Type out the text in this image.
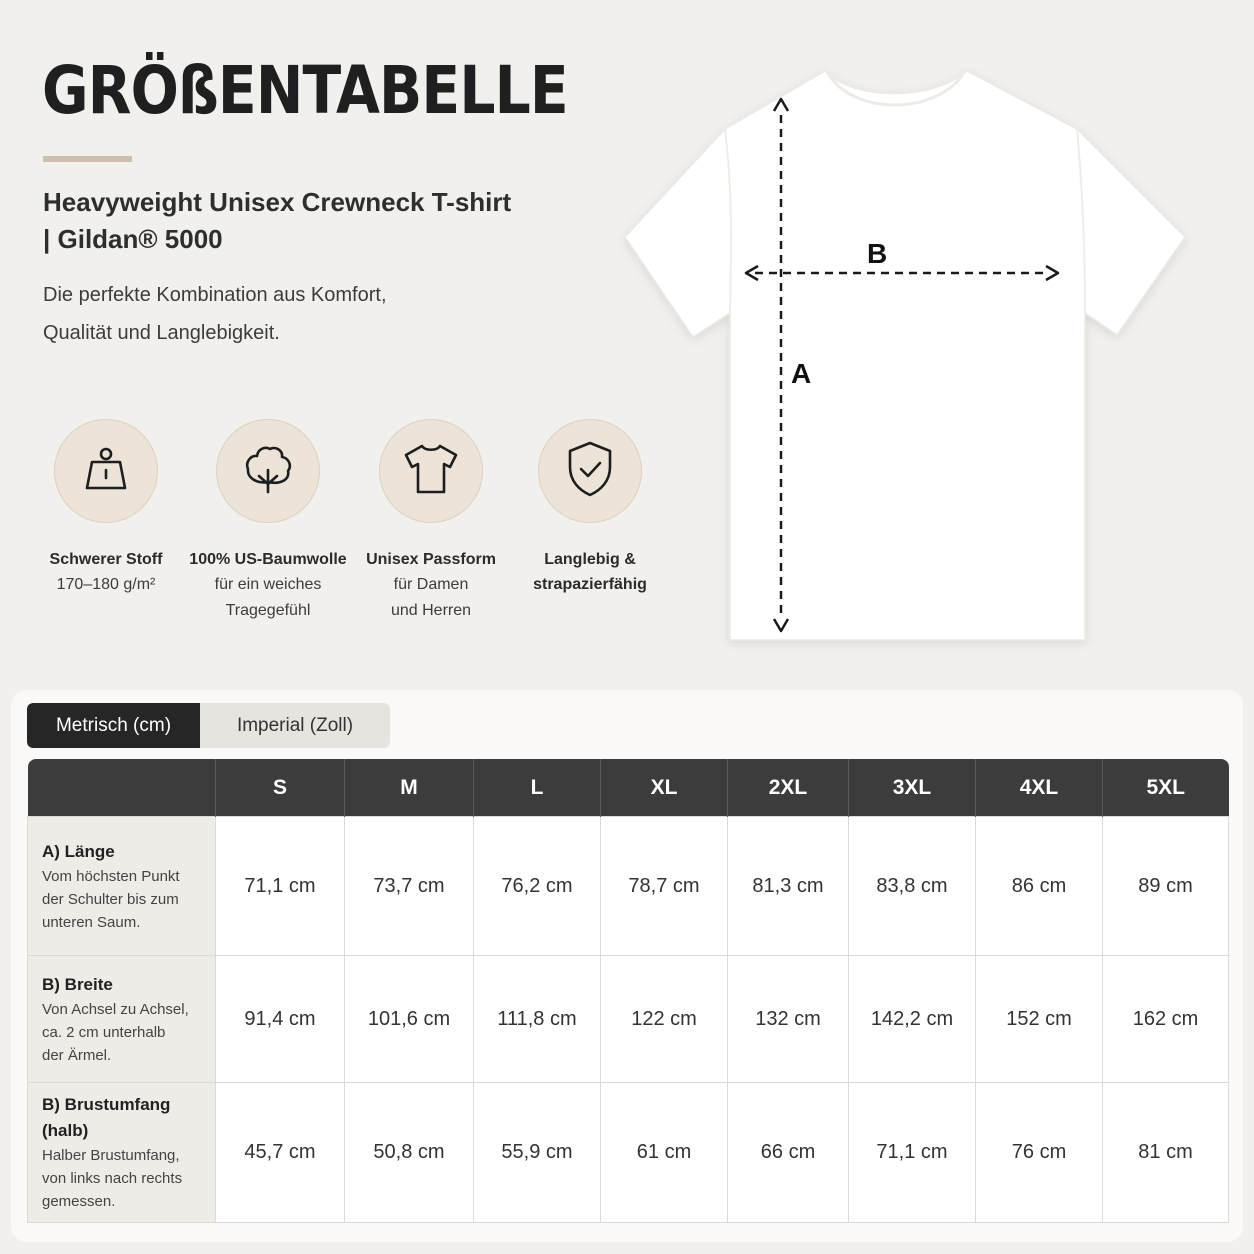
GRÖßENTABELLE
Heavyweight Unisex Crewneck T-shirt
| Gildan® 5000
Die perfekte Kombination aus Komfort,
Qualität und Langlebigkeit.
Schwerer Stoff
170–180 g/m²
100% US-Baumwolle
für ein weiches
Tragegefühl
Unisex Passform
für Damen
und Herren
Langlebig &
strapazierfähig
B
A
Metrisch (cm)	Imperial (Zoll)
	S	M	L	XL	2XL	3XL	4XL	5XL

A) Länge
Vom höchsten Punkt
der Schulter bis zum
unteren Saum.	71,1 cm	73,7 cm	76,2 cm	78,7 cm	81,3 cm	83,8 cm	86 cm	89 cm

B) Breite
Von Achsel zu Achsel,
ca. 2 cm unterhalb
der Ärmel.	91,4 cm	101,6 cm	111,8 cm	122 cm	132 cm	142,2 cm	152 cm	162 cm

B) Brustumfang
(halb)
Halber Brustumfang,
von links nach rechts
gemessen.	45,7 cm	50,8 cm	55,9 cm	61 cm	66 cm	71,1 cm	76 cm	81 cm
